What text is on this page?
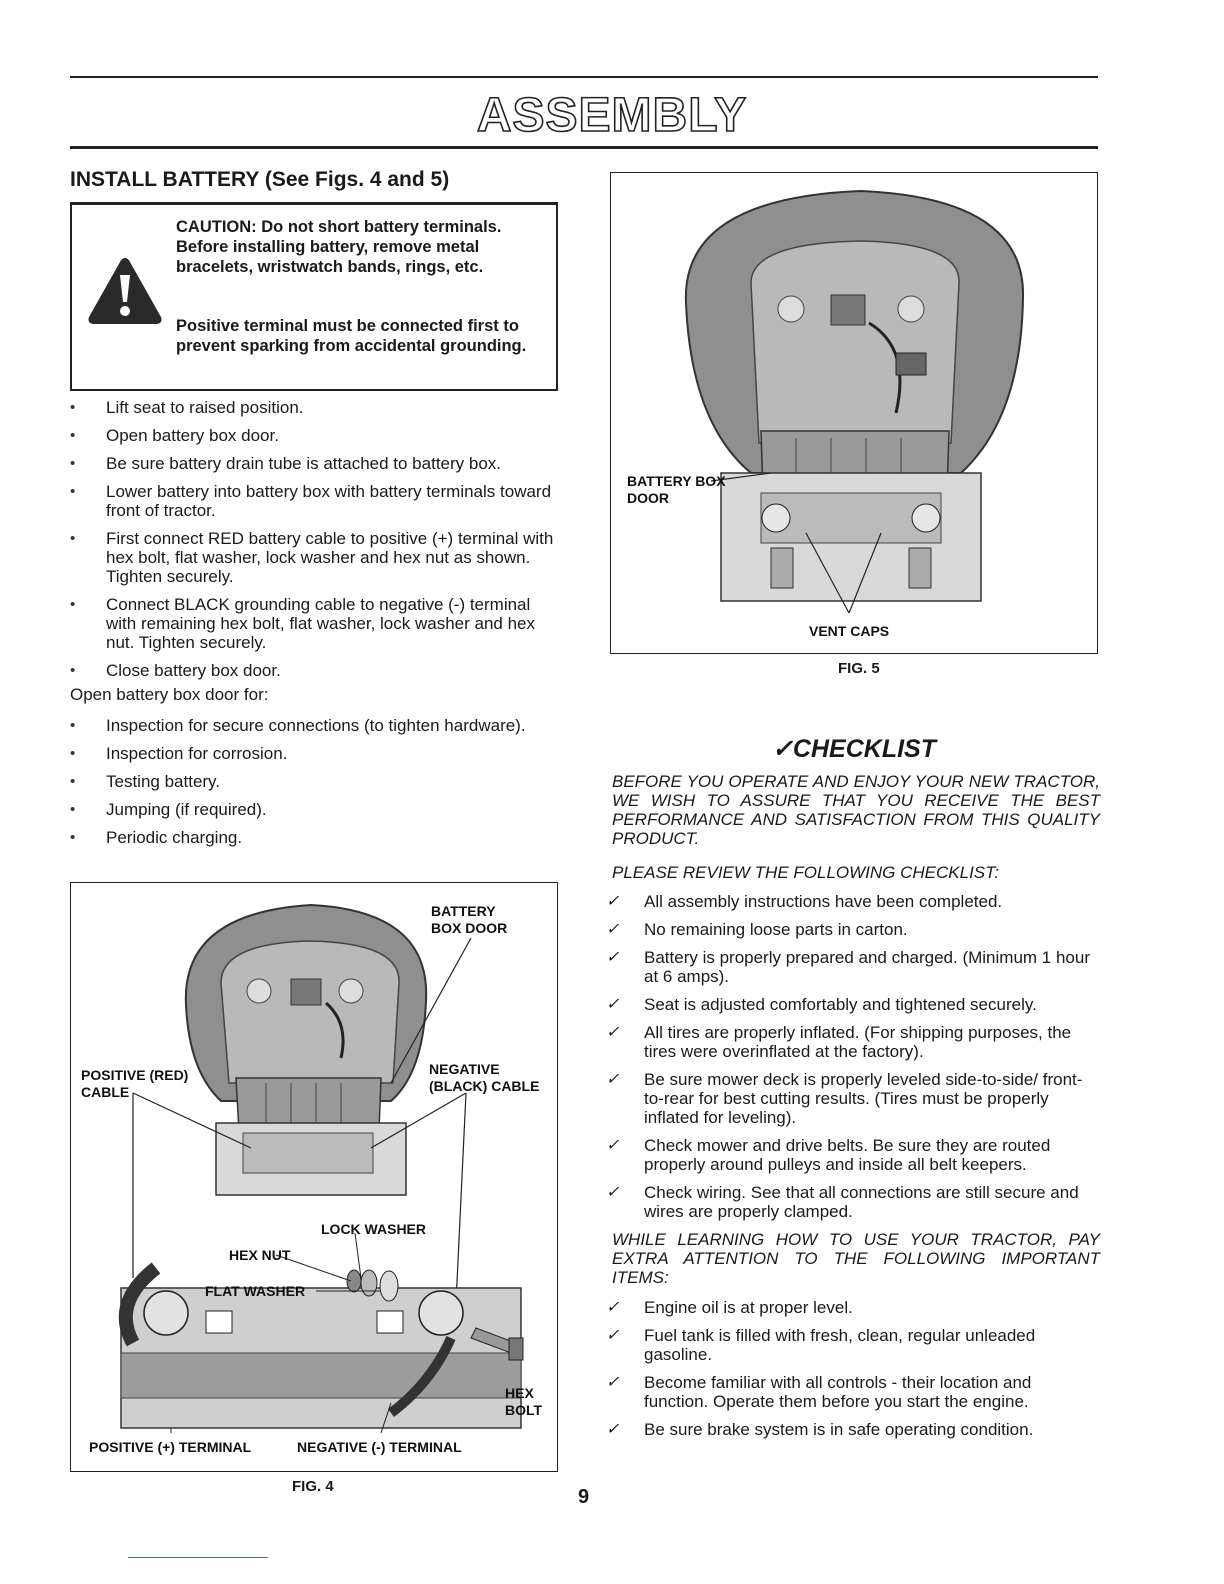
ASSEMBLY
INSTALL BATTERY (See Figs. 4 and 5)
CAUTION: Do not short battery terminals. Before installing battery, remove metal bracelets, wristwatch bands, rings, etc.
Positive terminal must be connected first to prevent sparking from accidental grounding.
• Lift seat to raised position.
• Open battery box door.
• Be sure battery drain tube is attached to battery box.
• Lower battery into battery box with battery terminals toward front of tractor.
• First connect RED battery cable to positive (+) terminal with hex bolt, flat washer, lock washer and hex nut as shown. Tighten securely.
• Connect BLACK grounding cable to negative (-) terminal with remaining hex bolt, flat washer, lock washer and hex nut. Tighten securely.
• Close battery box door.
Open battery box door for:
• Inspection for secure connections (to tighten hardware).
• Inspection for corrosion.
• Testing battery.
• Jumping (if required).
• Periodic charging.
BATTERY BOX DOOR
POSITIVE (RED) CABLE
NEGATIVE (BLACK) CABLE
LOCK WASHER
HEX NUT
FLAT WASHER
HEX BOLT
POSITIVE (+) TERMINAL	NEGATIVE (-) TERMINAL
FIG. 4
BATTERY BOX DOOR
VENT CAPS
FIG. 5
✓CHECKLIST
BEFORE YOU OPERATE AND ENJOY YOUR NEW TRACTOR, WE WISH TO ASSURE THAT YOU RECEIVE THE BEST PERFORMANCE AND SATISFACTION FROM THIS QUALITY PRODUCT.
PLEASE REVIEW THE FOLLOWING CHECKLIST:
✓ All assembly instructions have been completed.
✓ No remaining loose parts in carton.
✓ Battery is properly prepared and charged. (Minimum 1 hour at 6 amps).
✓ Seat is adjusted comfortably and tightened securely.
✓ All tires are properly inflated. (For shipping purposes, the tires were overinflated at the factory).
✓ Be sure mower deck is properly leveled side-to-side/ front-to-rear for best cutting results. (Tires must be properly inflated for leveling).
✓ Check mower and drive belts. Be sure they are routed properly around pulleys and inside all belt keepers.
✓ Check wiring. See that all connections are still secure and wires are properly clamped.
WHILE LEARNING HOW TO USE YOUR TRACTOR, PAY EXTRA ATTENTION TO THE FOLLOWING IMPORTANT ITEMS:
✓ Engine oil is at proper level.
✓ Fuel tank is filled with fresh, clean, regular unleaded gasoline.
✓ Become familiar with all controls - their location and function. Operate them before you start the engine.
✓ Be sure brake system is in safe operating condition.
9
